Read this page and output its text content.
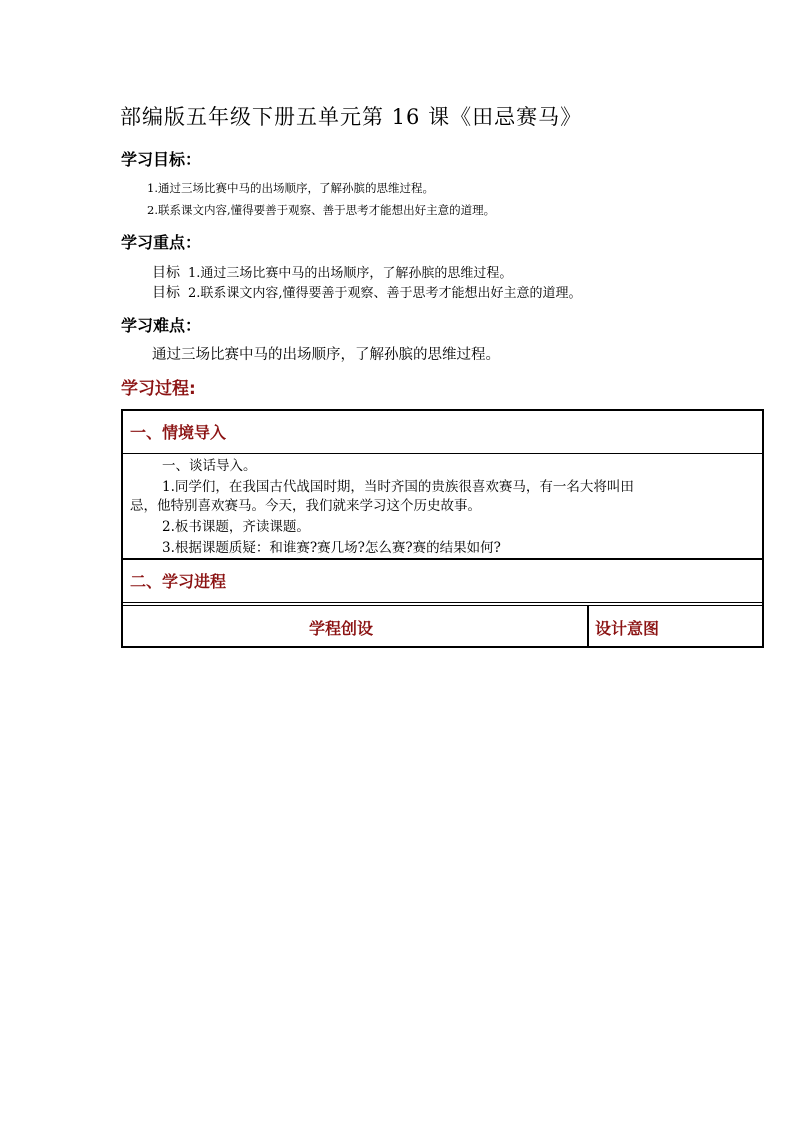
部编版五年级下册五单元第 16 课《田忌赛马》
学习目标：
1.通过三场比赛中马的出场顺序，了解孙膑的思维过程。
2.联系课文内容,懂得要善于观察、善于思考才能想出好主意的道理。
学习重点：
目标 1.通过三场比赛中马的出场顺序，了解孙膑的思维过程。
目标 2.联系课文内容,懂得要善于观察、善于思考才能想出好主意的道理。
学习难点：
通过三场比赛中马的出场顺序，了解孙膑的思维过程。
学习过程:
一、情境导入
一、谈话导入。
1.同学们，在我国古代战国时期，当时齐国的贵族很喜欢赛马，有一名大将叫田
忌，他特别喜欢赛马。今天，我们就来学习这个历史故事。
2.板书课题，齐读课题。
3.根据课题质疑：和谁赛?赛几场?怎么赛?赛的结果如何?
二、学习进程
学程创设	设计意图
